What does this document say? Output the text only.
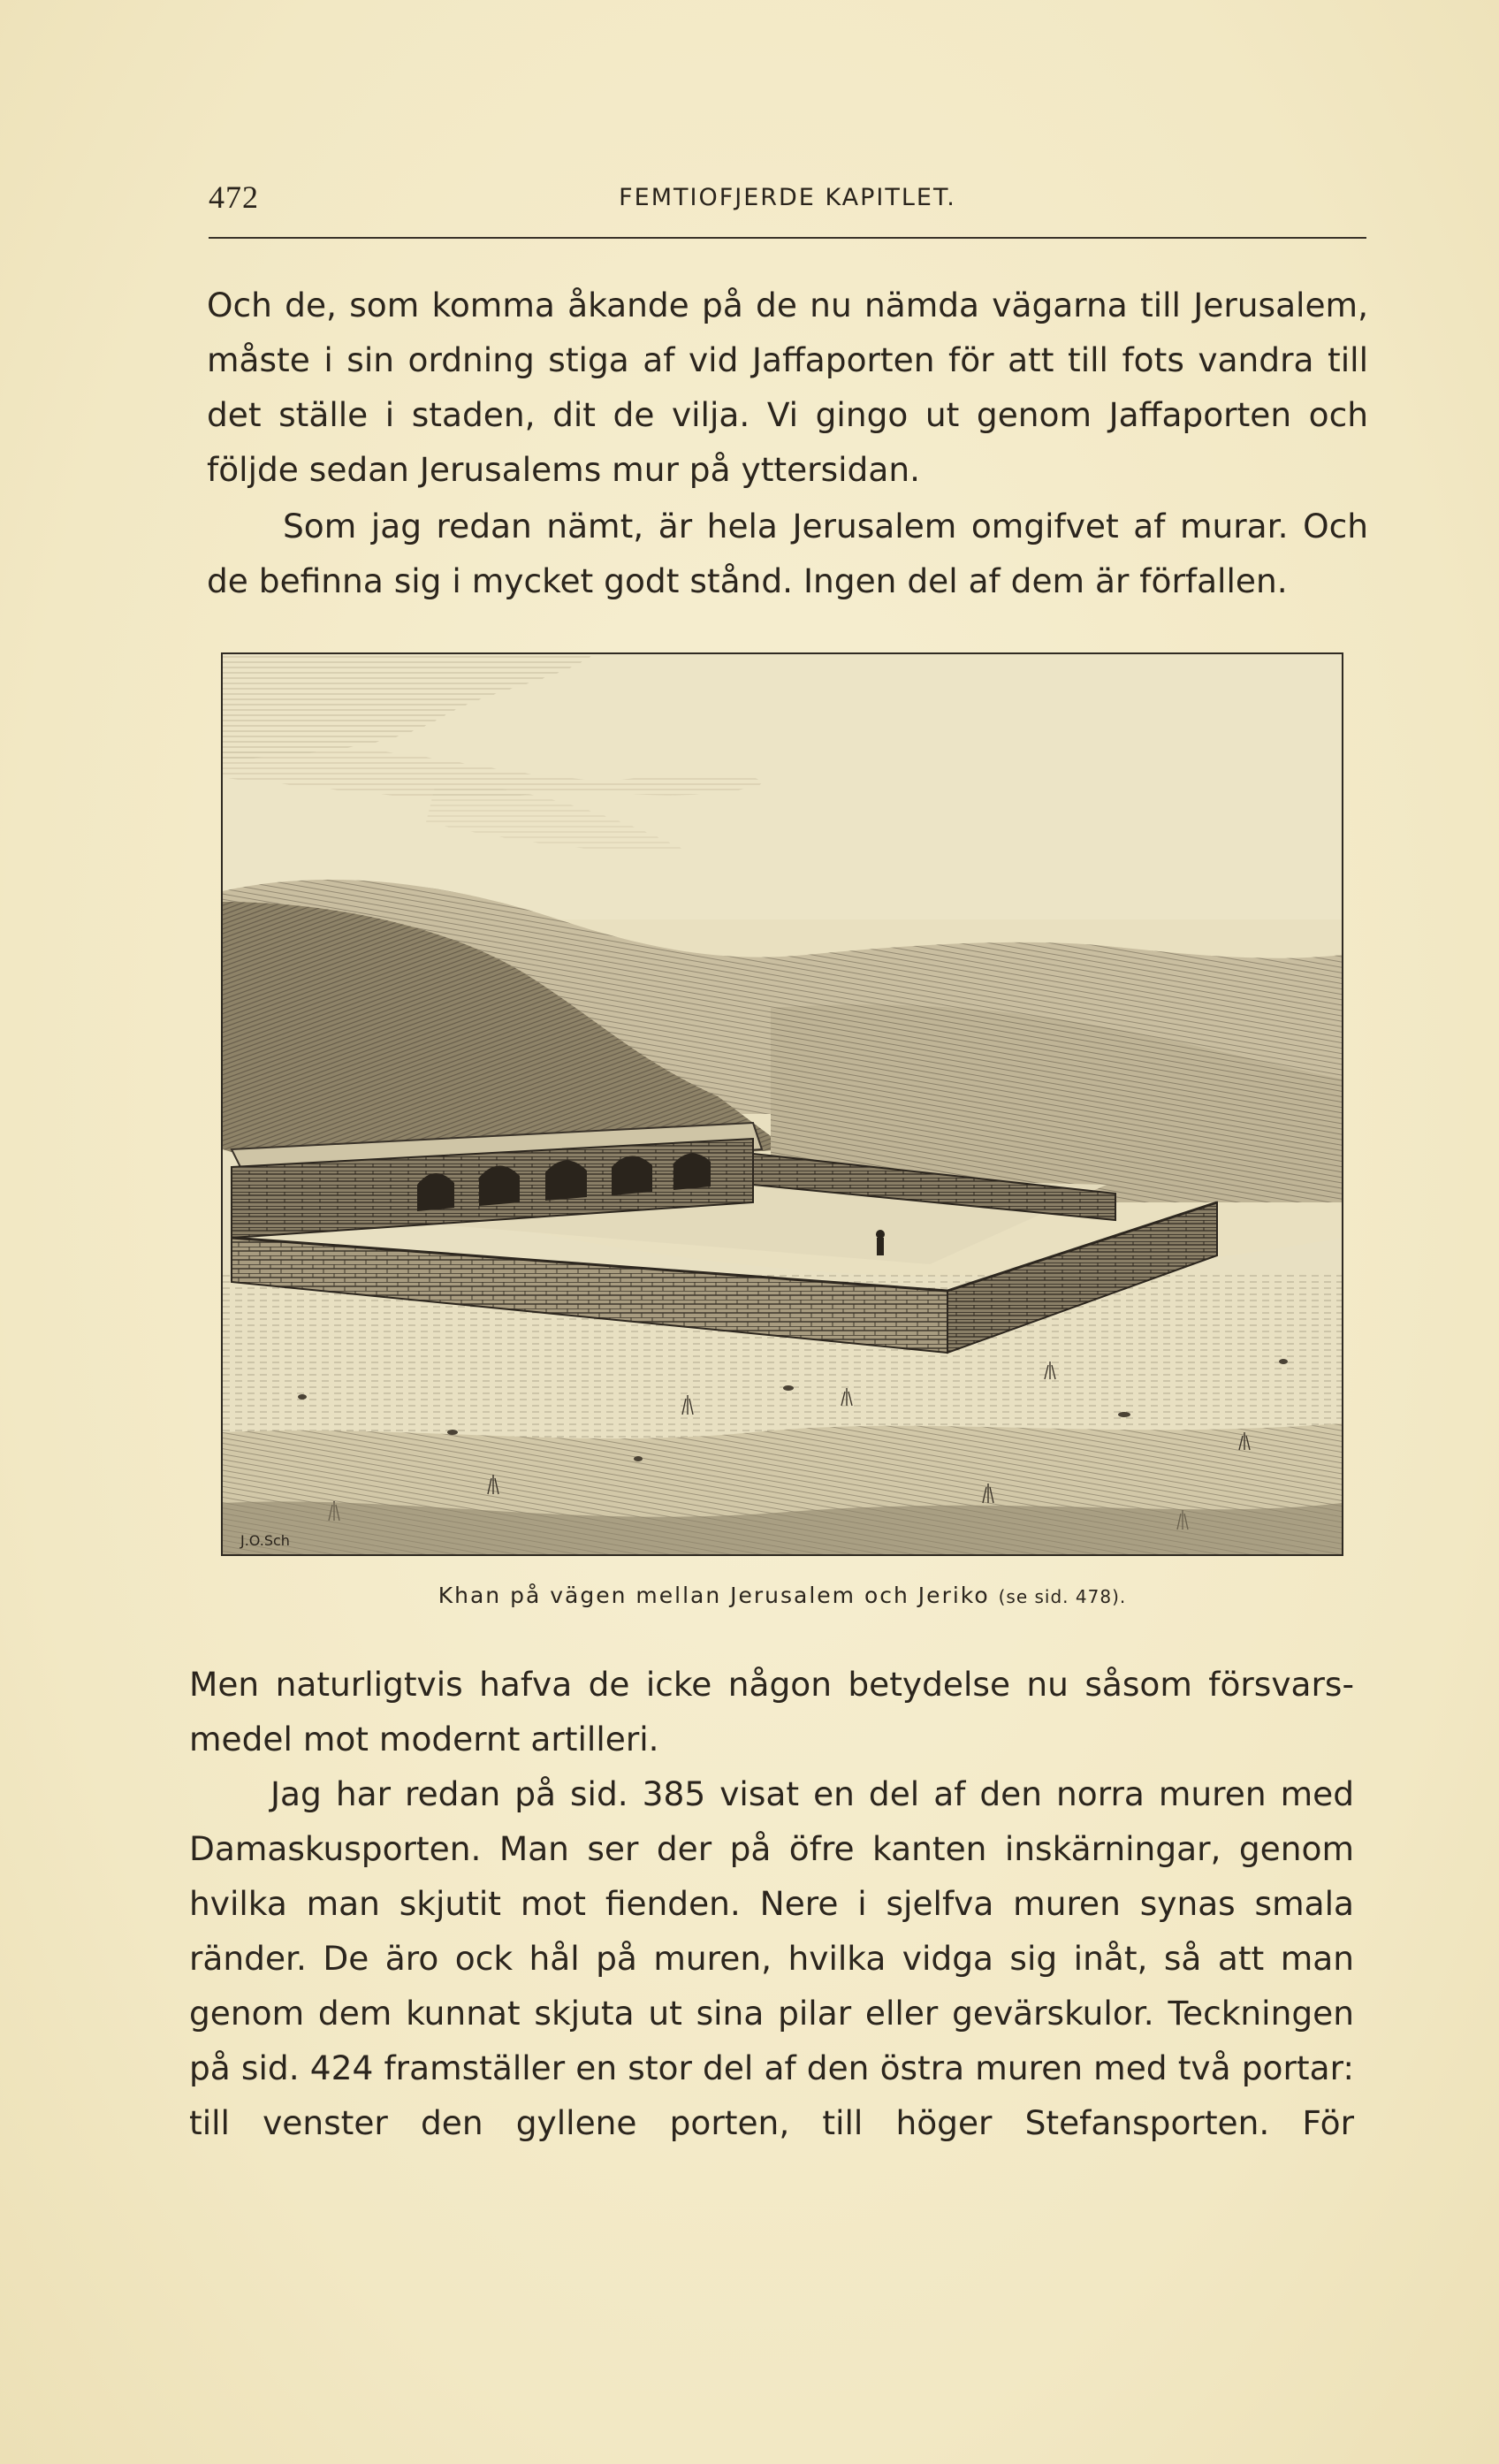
472	FEMTIOFJERDE KAPITLET.

Och de, som komma åkande på de nu nämda vägarna till Jerusalem, måste i sin ordning stiga af vid Jaffaporten för att till fots vandra till det ställe i staden, dit de vilja. Vi gingo ut genom Jaffaporten och följde sedan Jerusalems mur på yttersidan.

Som jag redan nämt, är hela Jerusalem omgifvet af murar. Och de befinna sig i mycket godt stånd. Ingen del af dem är förfallen.

J.O.Sch
Khan på vägen mellan Jerusalem och Jeriko (se sid. 478).

Men naturligtvis hafva de icke någon betydelse nu såsom försvars-medel mot modernt artilleri.

Jag har redan på sid. 385 visat en del af den norra muren med Damaskusporten. Man ser der på öfre kanten inskärningar, genom hvilka man skjutit mot fienden. Nere i sjelfva muren synas smala ränder. De äro ock hål på muren, hvilka vidga sig inåt, så att man genom dem kunnat skjuta ut sina pilar eller gevärskulor. Teckningen på sid. 424 framställer en stor del af den östra muren med två portar: till venster den gyllene porten, till höger Stefansporten. För
